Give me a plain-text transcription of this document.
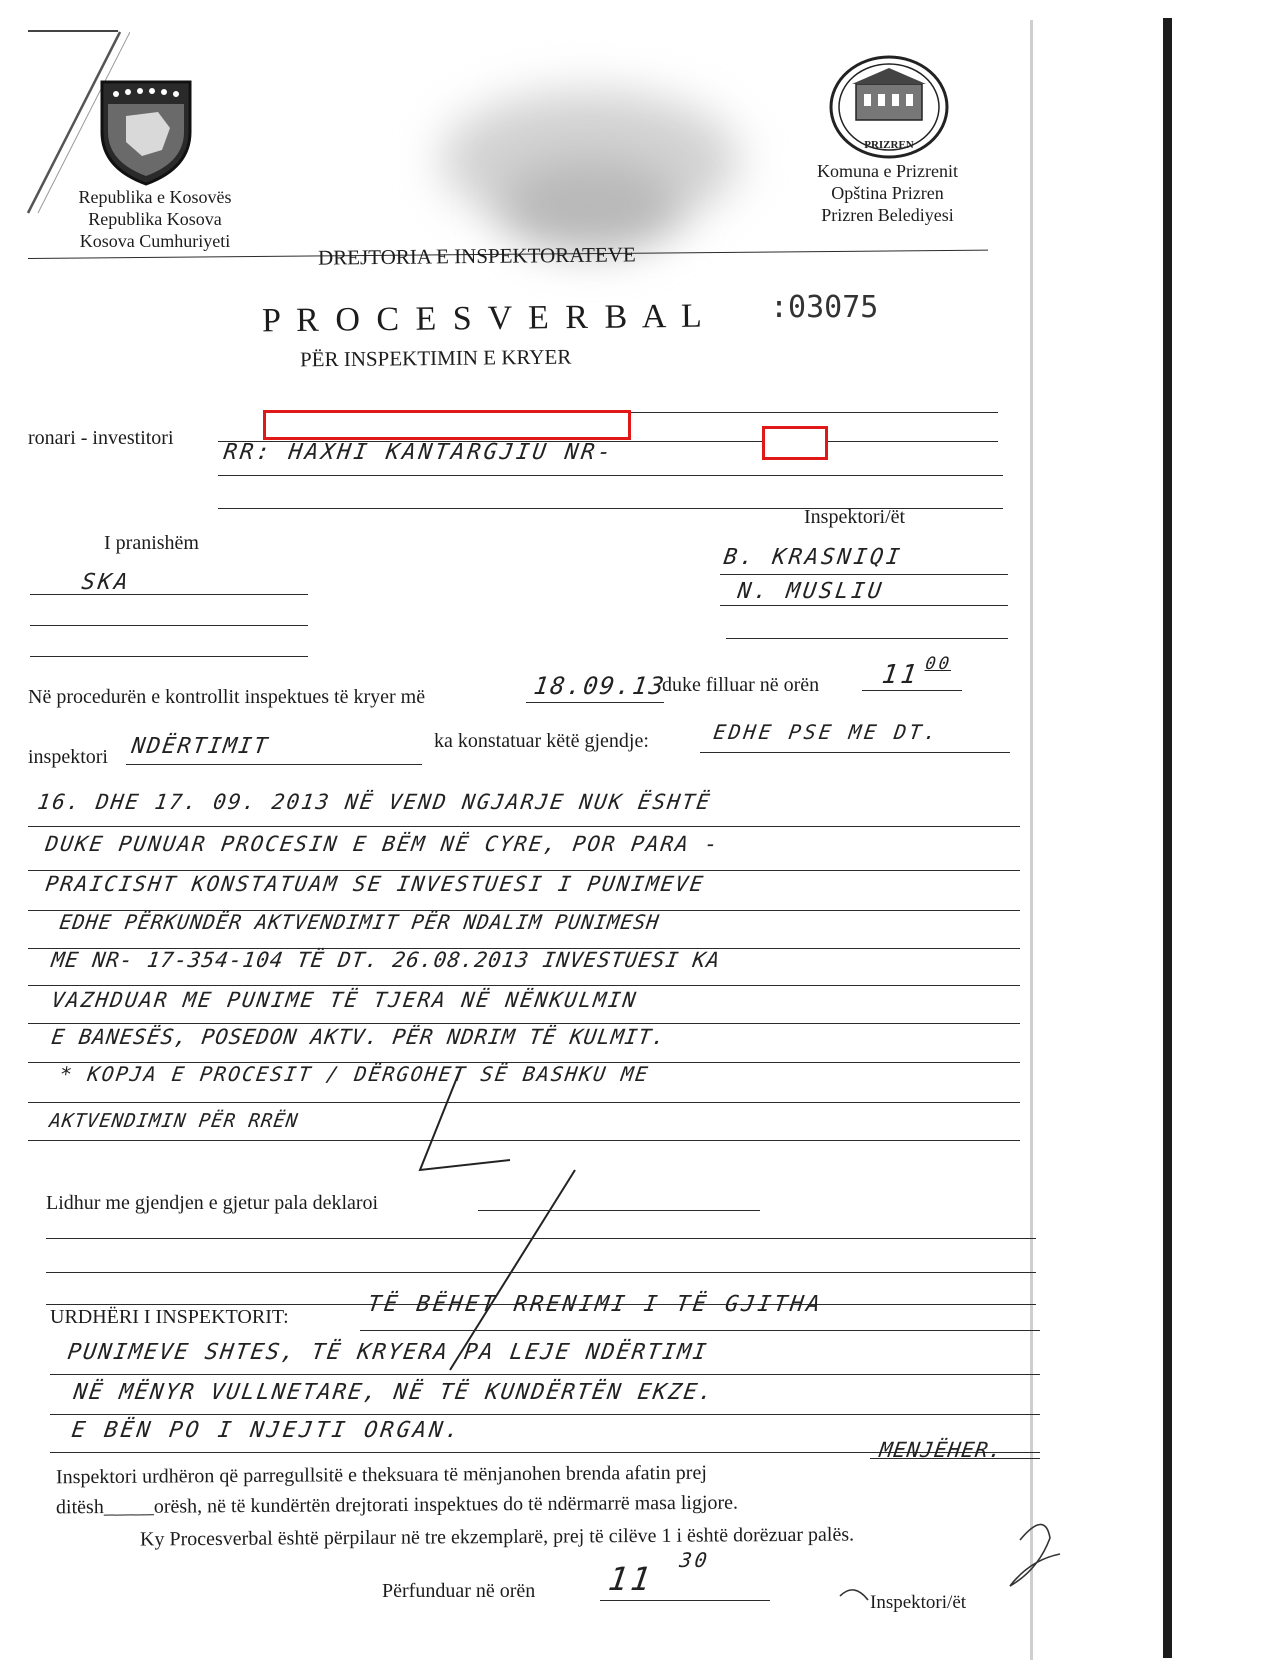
Republika e Kosovës
Republika Kosova
Kosova Cumhuriyeti
PRIZREN
Komuna e Prizrenit
Opština Prizren
Prizren Belediyesi
DREJTORIA E INSPEKTORATEVE
P R O C E S V E R B A L :03075
PËR INSPEKTIMIN E KRYER
ronari - investitori
RR: HAXHI KANTARGJIU NR-
Inspektori/ët
I pranishëm
SKA
B. KRASNIQI
N. MUSLIU
Në procedurën e kontrollit inspektues të kryer më	18.09.13
duke filluar në orën 11 00
inspektori NDËRTIMIT	ka konstatuar këtë gjendje:	EDHE PSE ME DT.
16. DHE 17. 09. 2013 NË VEND NGJARJE NUK ËSHTË
DUKE PUNUAR PROCESIN E BËM NË CYRE, POR PARA -
PRAICISHT KONSTATUAM SE INVESTUESI I PUNIMEVE
EDHE PËRKUNDËR AKTVENDIMIT PËR NDALIM PUNIMESH
ME NR- 17-354-104 TË DT. 26.08.2013 INVESTUESI KA
VAZHDUAR ME PUNIME TË TJERA NË NËNKULMIN
E BANESËS, POSEDON AKTV. PËR NDRIM TË KULMIT.
* KOPJA E PROCESIT / DËRGOHET SË BASHKU ME
AKTVENDIMIN PËR RRËN
Lidhur me gjendjen e gjetur pala deklaroi
URDHËRI I INSPEKTORIT:	TË BËHET RRENIMI I TË GJITHA
PUNIMEVE SHTES, TË KRYERA PA LEJE NDËRTIMI
NË MËNYR VULLNETARE, NË TË KUNDËRTËN EKZE.
E BËN PO I NJEJTI ORGAN.
Inspektori urdhëron që parregullsitë e theksuara të mënjanohen brenda afatin prej
MENJËHER.
ditësh_____orësh, në të kundërtën drejtorati inspektues do të ndërmarrë masa ligjore.
Ky Procesverbal është përpilaur në tre ekzemplarë, prej të cilëve 1 i është dorëzuar palës.
Përfunduar në orën 11 30
Inspektori/ët
